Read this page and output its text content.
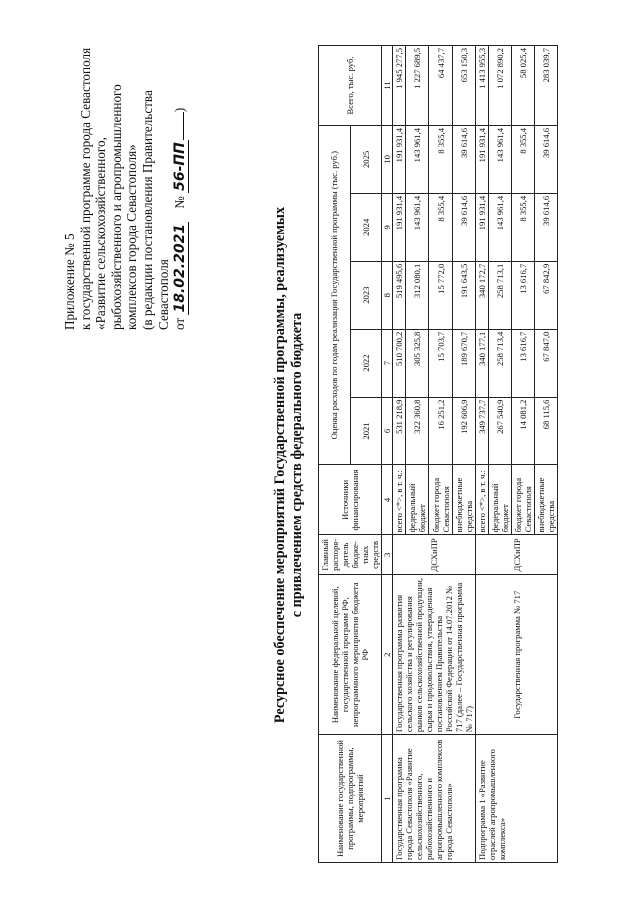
Приложение № 5 к государственной программе города Севастополя «Развитие сельскохозяйственного, рыбохозяйственного и агропромышленного комплексов города Севастополя» (в редакции постановления Правительства Севастополя от 18.02.2021    № 56-ПП)
Ресурсное обеспечение мероприятий Государственной программы, реализуемых с привлечением средств федерального бюджета
Наименование государственной программы, подпрограммы, мероприятий	Наименование федеральной целевой, государственной программ РФ, непрограммного мероприятия бюджета РФ	Главный распоря-дитель бюдже-тных средств	Источники финансирования	Оценка расходов по годам реализации Государственной программы (тыс. руб.)					Всего, тыс. руб.
				2021	2022	2023	2024	2025	
1	2	3	4	6	7	8	9	10	11
Государственная программа города Севастополя «Развитие сельскохозяйственного, рыбохозяйственного и агропромышленного комплексов города Севастополя»	Государственная программа развития сельского хозяйства и регулирования рынков сельскохозяйственной продукции, сырья и продовольствия, утвержденная постановлением Правительства Российской Федерации от 14.07.2012 № 717 (далее – Государственная программа № 717)	ДСХиПР	всего <*>, в т. ч.:	531 218,9	510 700,2	519 495,6	191 931,4	191 931,4	1 945 277,5
			федеральный бюджет	322 360,8	305 325,8	312 080,1	143 961,4	143 961,4	1 227 689,5
			бюджет города Севастополя	16 251,2	15 703,7	15 772,0	8 355,4	8 355,4	64 437,7
			внебюджетные средства	192 606,9	189 670,7	191 643,5	39 614,6	39 614,6	653 150,3
Подпрограмма 1 «Развитие отраслей агропромышленного комплекса»	Государственная программа № 717	ДСХиПР	всего <*>, в т. ч.:	349 737,7	340 177,1	340 172,7	191 931,4	191 931,4	1 413 955,3
			федеральный бюджет	267 540,9	258 713,4	258 713,1	143 961,4	143 961,4	1 072 890,2
			бюджет города Севастополя	14 081,2	13 616,7	13 616,7	8 355,4	8 355,4	58 025,4
			внебюджетные средства	68 115,6	67 847,0	67 842,9	39 614,6	39 614,6	283 039,7
